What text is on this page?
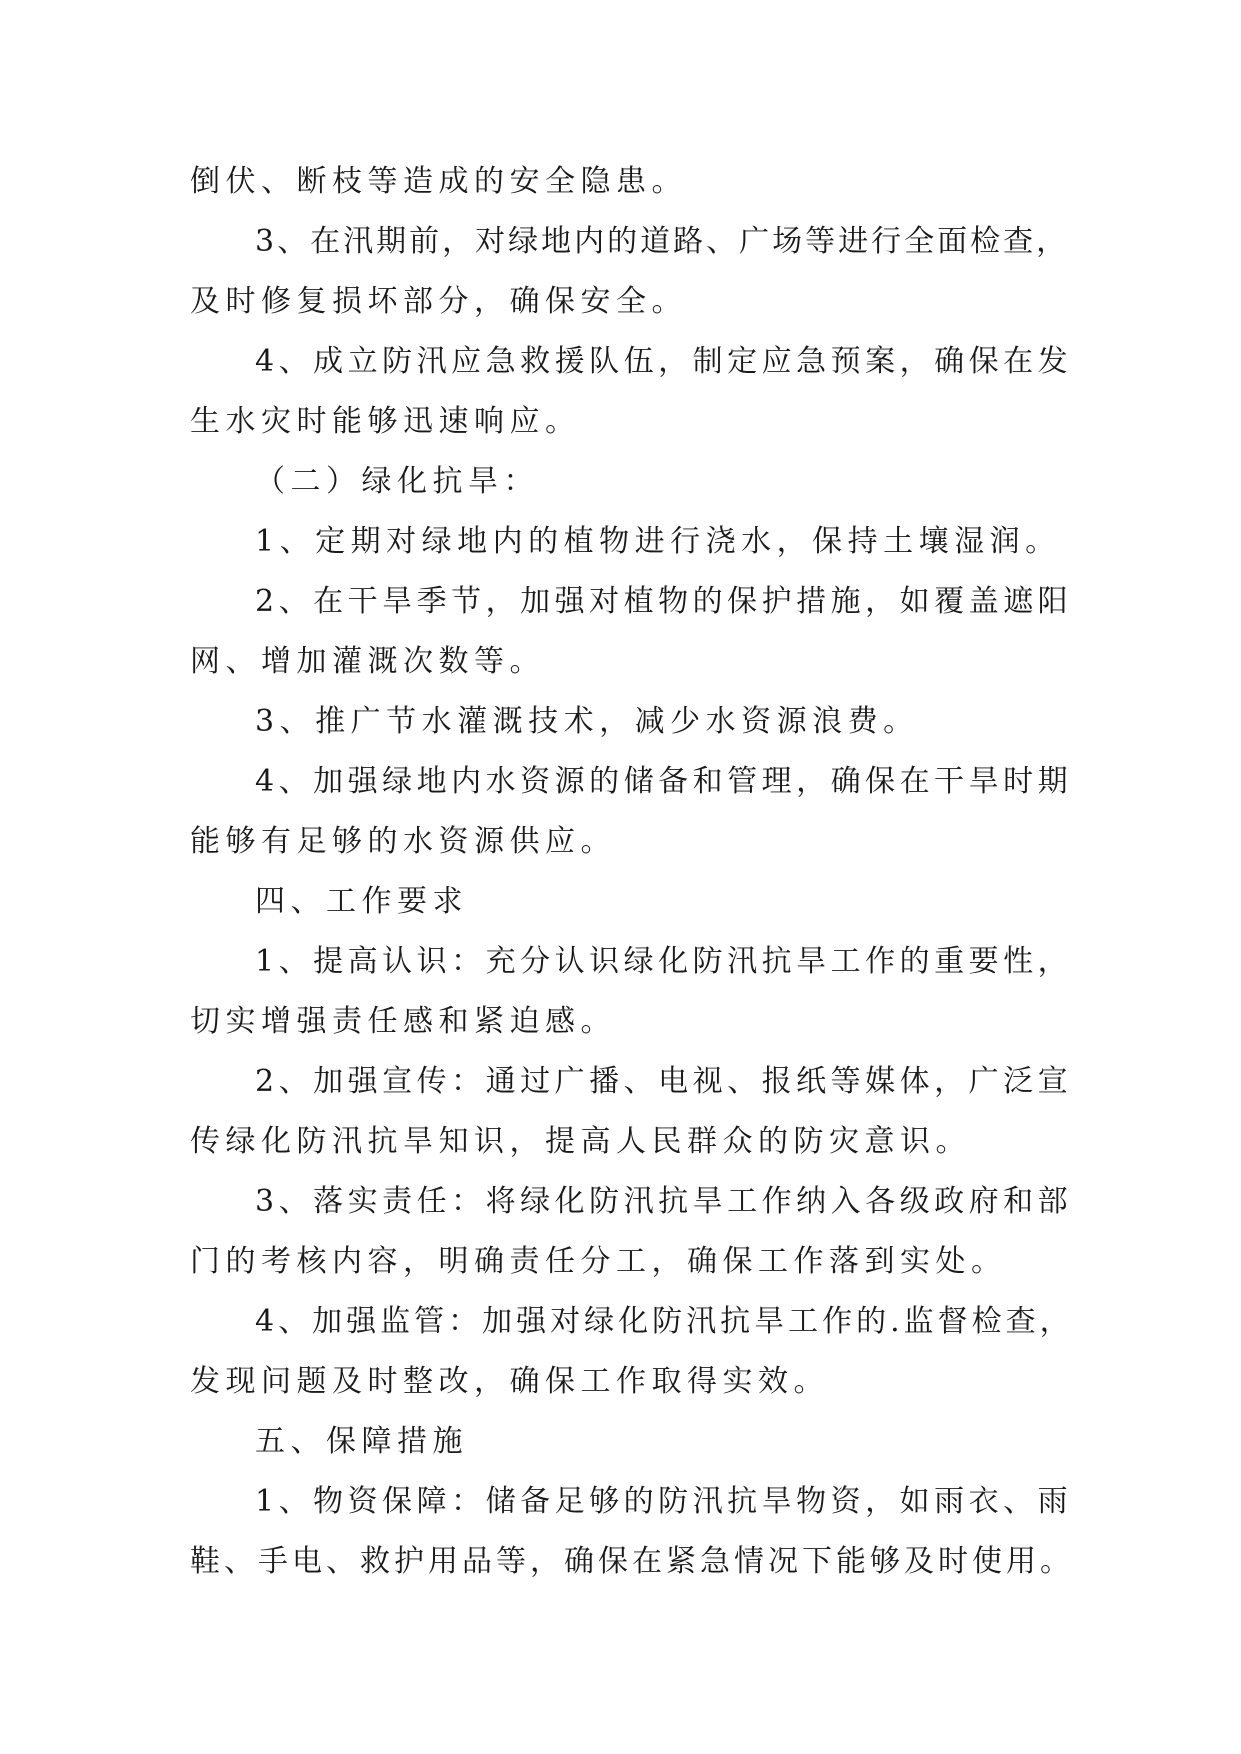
倒伏、断枝等造成的安全隐患。
3、在汛期前，对绿地内的道路、广场等进行全面检查，
及时修复损坏部分，确保安全。
4、成立防汛应急救援队伍，制定应急预案，确保在发
生水灾时能够迅速响应。
（二）绿化抗旱：
1、定期对绿地内的植物进行浇水，保持土壤湿润。
2、在干旱季节，加强对植物的保护措施，如覆盖遮阳
网、增加灌溉次数等。
3、推广节水灌溉技术，减少水资源浪费。
4、加强绿地内水资源的储备和管理，确保在干旱时期
能够有足够的水资源供应。
四、工作要求
1、提高认识：充分认识绿化防汛抗旱工作的重要性，
切实增强责任感和紧迫感。
2、加强宣传：通过广播、电视、报纸等媒体，广泛宣
传绿化防汛抗旱知识，提高人民群众的防灾意识。
3、落实责任：将绿化防汛抗旱工作纳入各级政府和部
门的考核内容，明确责任分工，确保工作落到实处。
4、加强监管：加强对绿化防汛抗旱工作的.监督检查，
发现问题及时整改，确保工作取得实效。
五、保障措施
1、物资保障：储备足够的防汛抗旱物资，如雨衣、雨
鞋、手电、救护用品等，确保在紧急情况下能够及时使用。
